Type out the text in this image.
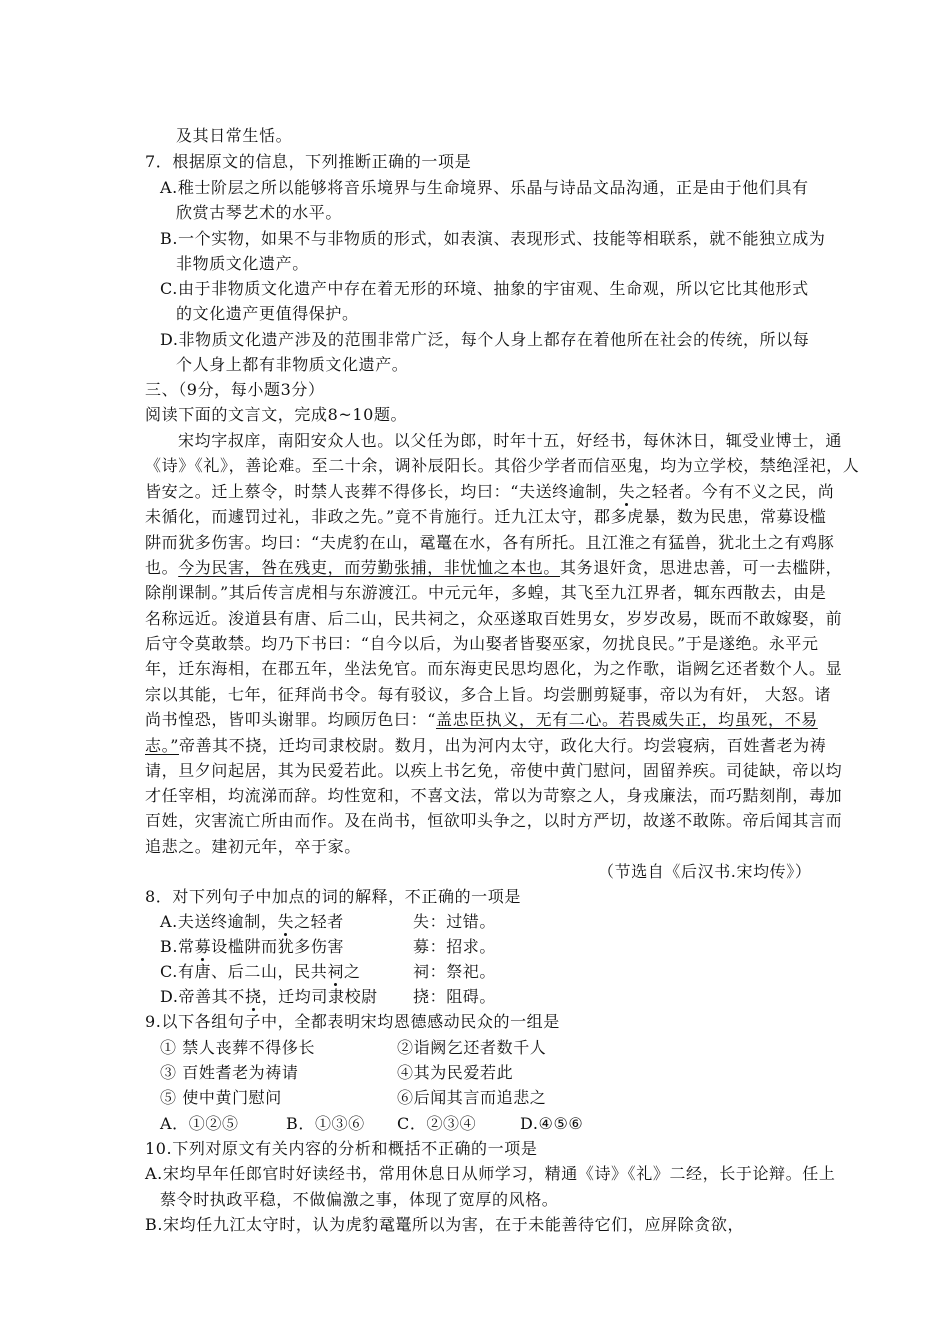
及其日常生恬。
7．根据原文的信息，下列推断正确的一项是
A.稚士阶层之所以能够将音乐境界与生命境界、乐晶与诗品文品沟通，正是由于他们具有
欣赏古琴艺术的水平。
B.一个实物，如果不与非物质的形式，如表演、表现形式、技能等相联系，就不能独立成为
非物质文化遗产。
C.由于非物质文化遗产中存在着无形的环境、抽象的宇宙观、生命观，所以它比其他形式
的文化遗产更值得保护。
D.非物质文化遗产涉及的范围非常广泛，每个人身上都存在着他所在社会的传统，所以每
个人身上都有非物质文化遗产。
三、（9分，每小题3分）
阅读下面的文言文，完成8~10题。
宋均字叔庠，南阳安众人也。以父任为郎，时年十五，好经书，每休沐日，辄受业博士，通
《诗》《礼》，善论难。至二十余，调补辰阳长。其俗少学者而信巫鬼，均为立学校，禁绝淫祀，人
皆安之。迁上蔡令，时禁人丧葬不得侈长，均曰：“夫送终逾制，失之轻者。今有不义之民，尚
未循化，而遽罚过礼，非政之先。”竟不肯施行。迁九江太守，郡多虎暴，数为民患，常募设槛
阱而犹多伤害。均曰：“夫虎豹在山，鼋鼍在水，各有所托。且江淮之有猛兽，犹北土之有鸡豚
也。今为民害，咎在残吏，而劳勤张捕，非忧恤之本也。其务退奸贪，思进忠善，可一去槛阱，
除削课制。”其后传言虎相与东游渡江。中元元年，多蝗，其飞至九江界者，辄东西散去，由是
名称远近。浚道县有唐、后二山，民共祠之，众巫遂取百姓男女，岁岁改易，既而不敢嫁娶，前
后守令莫敢禁。均乃下书曰：“自今以后，为山娶者皆娶巫家，勿扰良民。”于是遂绝。永平元
年，迁东海相，在郡五年，坐法免官。而东海吏民思均恩化，为之作歌，诣阙乞还者数个人。显
宗以其能，七年，征拜尚书令。每有驳议，多合上旨。均尝删剪疑事，帝以为有奸， 大怒。诸
尚书惶恐，皆叩头谢罪。均顾厉色曰：“盖忠臣执义，无有二心。若畏威失正，均虽死，不易
志。”帝善其不挠，迁均司隶校尉。数月，出为河内太守，政化大行。均尝寝病，百姓耆老为祷
请，旦夕问起居，其为民爱若此。以疾上书乞免，帝使中黄门慰问，固留养疾。司徒缺，帝以均
才任宰相，均流涕而辞。均性宽和，不喜文法，常以为苛察之人，身戎廉法，而巧黠刻削，毒加
百姓，灾害流亡所由而作。及在尚书，恒欲叩头争之，以时方严切，故遂不敢陈。帝后闻其言而
追悲之。建初元年，卒于家。
（节选自《后汉书.宋均传》）
8．对下列句子中加点的词的解释，不正确的一项是
A.夫送终逾制，失之轻者	失：过错。
B.常募设槛阱而犹多伤害	募：招求。
C.有唐、后二山，民共祠之	祠：祭祀。
D.帝善其不挠，迁均司隶校尉 挠：阻碍。
9.以下各组句子中，全都表明宋均恩德感动民众的一组是
① 禁人丧葬不得侈长	②诣阙乞还者数千人
③ 百姓耆老为祷请	④其为民爱若此
⑤ 使中黄门慰问	⑥后闻其言而追悲之
A．①②⑤	B．①③⑥ C．②③④	D.④⑤⑥
10.下列对原文有关内容的分析和概括不正确的一项是
A.宋均早年任郎官时好读经书，常用休息日从师学习，精通《诗》《礼》二经，长于论辩。任上
蔡令时执政平稳，不做偏激之事，体现了宽厚的风格。
B.宋均任九江太守时，认为虎豹鼋鼍所以为害，在于未能善待它们，应屏除贪欲，
